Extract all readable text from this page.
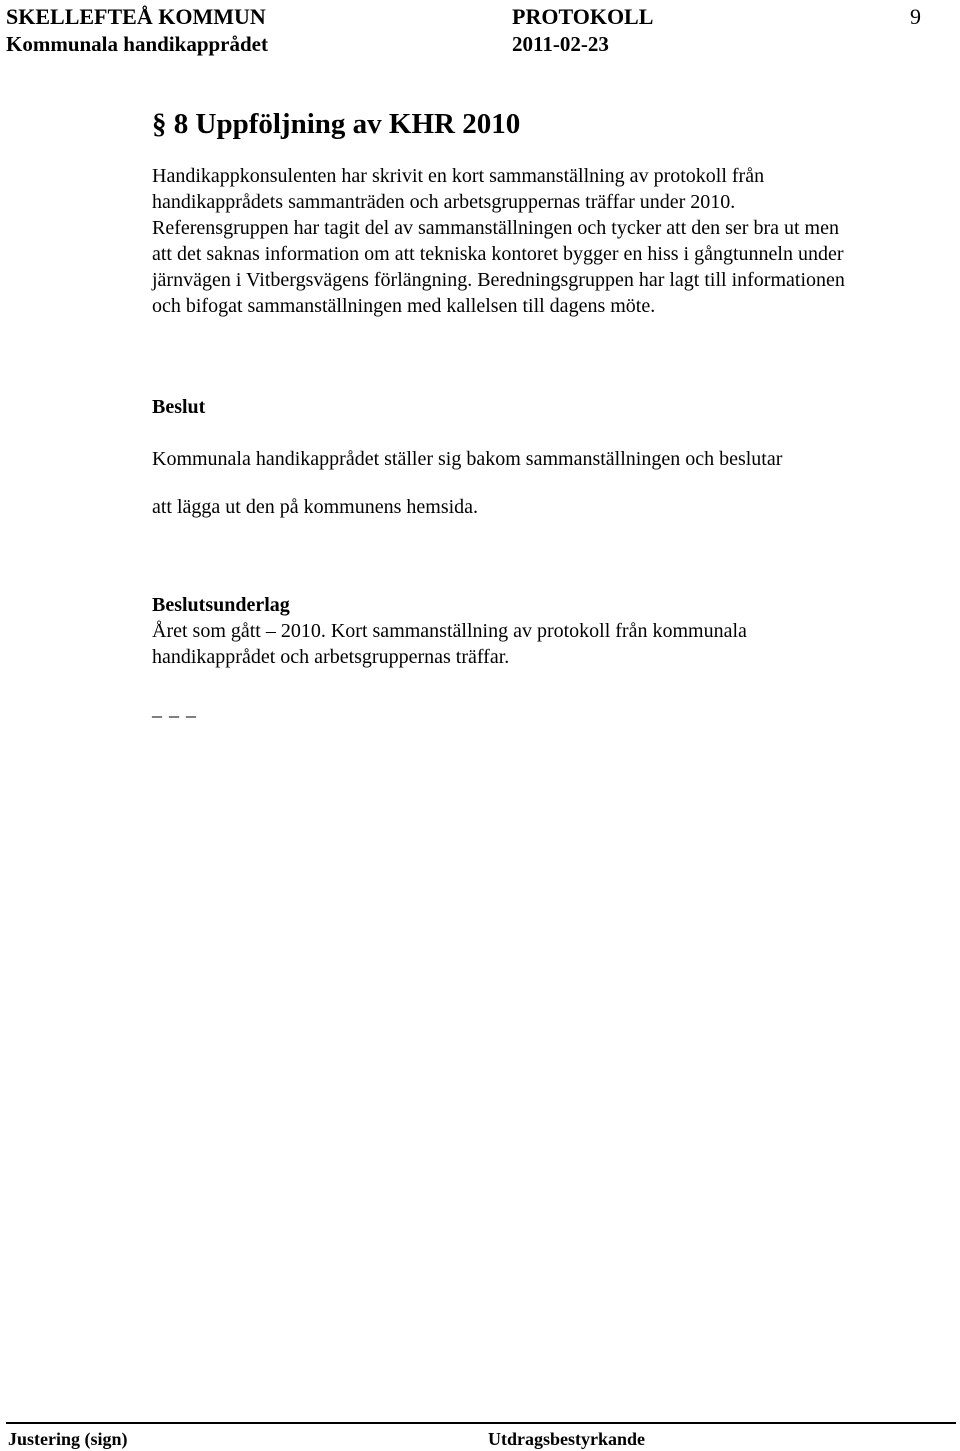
SKELLEFTEÅ KOMMUN	PROTOKOLL	9
Kommunala handikapprådet	2011-02-23
§ 8 Uppföljning av KHR 2010
Handikappkonsulenten har skrivit en kort sammanställning av protokoll från
handikapprådets sammanträden och arbetsgruppernas träffar under 2010.
Referensgruppen har tagit del av sammanställningen och tycker att den ser bra ut men
att det saknas information om att tekniska kontoret bygger en hiss i gångtunneln under
järnvägen i Vitbergsvägens förlängning. Beredningsgruppen har lagt till informationen
och bifogat sammanställningen med kallelsen till dagens möte.
Beslut
Kommunala handikapprådet ställer sig bakom sammanställningen och beslutar
att lägga ut den på kommunens hemsida.
Beslutsunderlag
Året som gått – 2010. Kort sammanställning av protokoll från kommunala
handikapprådet och arbetsgruppernas träffar.
_ _ _
Justering (sign)	Utdragsbestyrkande
